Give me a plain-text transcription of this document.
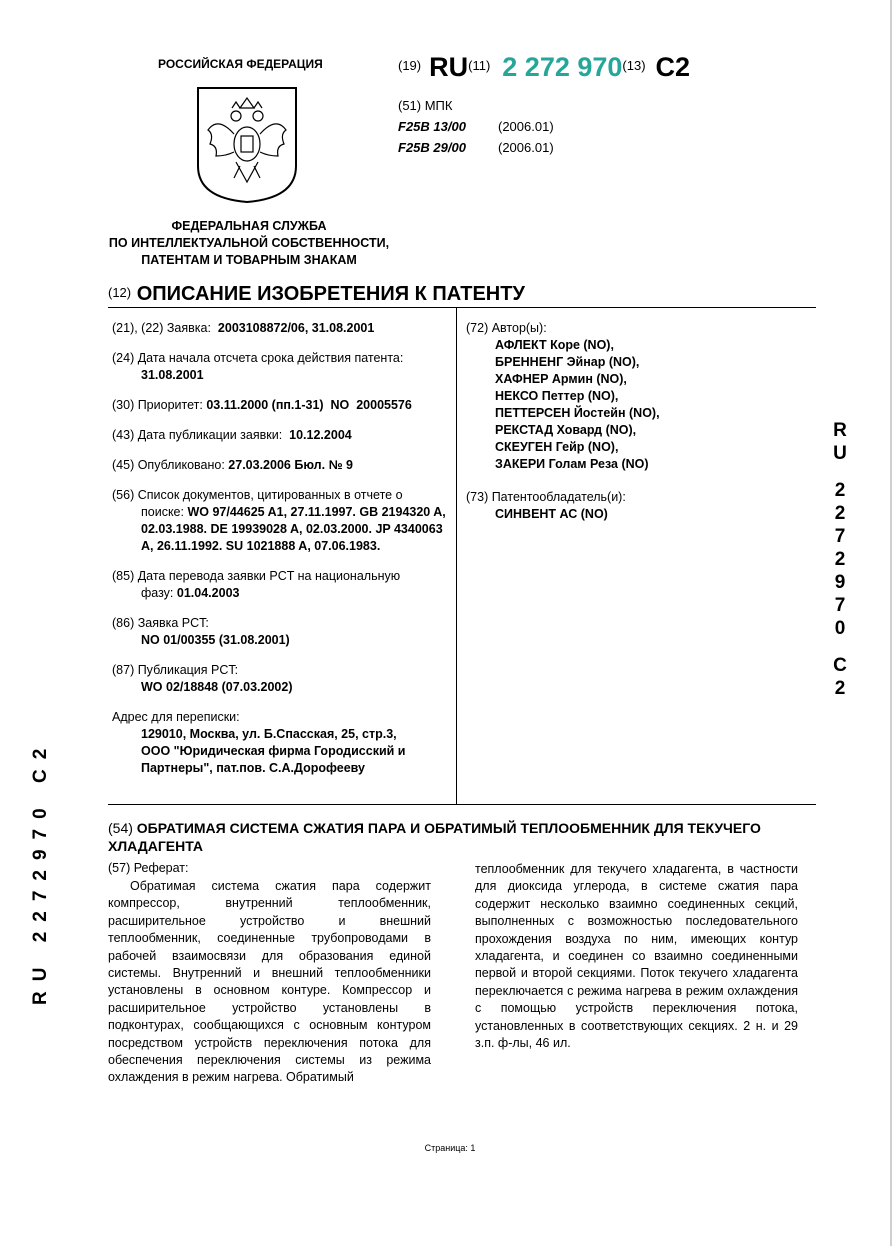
РОССИЙСКАЯ ФЕДЕРАЦИЯ
ФЕДЕРАЛЬНАЯ СЛУЖБА
ПО ИНТЕЛЛЕКТУАЛЬНОЙ СОБСТВЕННОСТИ,
ПАТЕНТАМ И ТОВАРНЫМ ЗНАКАМ
$^{(19)}$ RU$^{(11)}$ 2 272 970$^{(13)}$ C2
(51) МПК
F25B 13/00 (2006.01)
F25B 29/00 (2006.01)
$^{(12)}$ ОПИСАНИЕ ИЗОБРЕТЕНИЯ К ПАТЕНТУ
(21), (22) Заявка: 2003108872/06, 31.08.2001
(24) Дата начала отсчета срока действия патента:
31.08.2001
(30) Приоритет: 03.11.2000 (пп.1-31)  NO  20005576
(43) Дата публикации заявки: 10.12.2004
(45) Опубликовано: 27.03.2006 Бюл. № 9
(56) Список документов, цитированных в отчете о
поиске: WO 97/44625 A1, 27.11.1997. GB 2194320 A, 02.03.1988. DE 19939028 A, 02.03.2000. JP 4340063 A, 26.11.1992. SU 1021888 A, 07.06.1983.
(85) Дата перевода заявки PCT на национальную
фазу: 01.04.2003
(86) Заявка PCT:
NO 01/00355 (31.08.2001)
(87) Публикация PCT:
WO 02/18848 (07.03.2002)
Адрес для переписки:
129010, Москва, ул. Б.Спасская, 25, стр.3,
ООО "Юридическая фирма Городисский и
Партнеры", пат.пов. С.А.Дорофееву
(72) Автор(ы):
АФЛЕКТ Коре (NO),
БРЕННЕНГ Эйнар (NO),
ХАФНЕР Армин (NO),
НЕКСО Петтер (NO),
ПЕТТЕРСЕН Йостейн (NO),
РЕКСТАД Ховард (NO),
СКЕУГЕН Гейр (NO),
ЗАКЕРИ Голам Реза (NO)
(73) Патентообладатель(и):
СИНВЕНТ АС (NO)
R
U
2
2
7
2
9
7
0
C
2
RU 2272970 C2	(54) ОБРАТИМАЯ СИСТЕМА СЖАТИЯ ПАРА И ОБРАТИМЫЙ ТЕПЛООБМЕННИК ДЛЯ ТЕКУЧЕГО ХЛАДАГЕНТА
(57) Реферат:
Обратимая система сжатия пара содержит компрессор, внутренний теплообменник, расширительное устройство и внешний теплообменник, соединенные трубопроводами в рабочей взаимосвязи для образования единой системы. Внутренний и внешний теплообменники установлены в основном контуре. Компрессор и расширительное устройство установлены в подконтурах, сообщающихся с основным контуром посредством устройств переключения потока для обеспечения переключения системы из режима охлаждения в режим нагрева. Обратимый
теплообменник для текучего хладагента, в частности для диоксида углерода, в системе сжатия пара содержит несколько взаимно соединенных секций, выполненных с возможностью последовательного прохождения воздуха по ним, имеющих контур хладагента, и соединен со взаимно соединенными первой и второй секциями. Поток текучего хладагента переключается с режима нагрева в режим охлаждения с помощью устройств переключения потока, установленных в соответствующих секциях. 2 н. и 29 з.п. ф-лы, 46 ил.
Страница: 1
